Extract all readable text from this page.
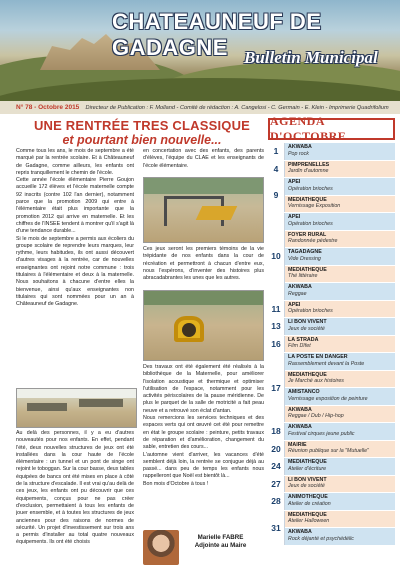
CHATEAUNEUF DE GADAGNE Bulletin Municipal
N° 78 - Octobre 2015 Directeur de Publication : F. Molland - Comité de rédaction : A. Cangelosi - C. Germain - E. Klein - Imprimerie Quadrifolium
UNE RENTRÉE TRES CLASSIQUE
et pourtant bien nouvelle...
Comme tous les ans, le mois de septembre a été marqué par la rentrée scolaire. Et à Châteauneuf de Gadagne, comme ailleurs, les enfants ont repris tranquillement le chemin de l'école.
Cette année l'école élémentaire Pierre Goujon accueille 172 élèves et l'école maternelle compte 92 inscrits (contre 102 l'an dernier), notamment parce que la promotion 2009 qui entre à l'élémentaire était plus importante que la promotion 2012 qui arrive en maternelle. Et les chiffres de l'INSEE tendent à montrer qu'il s'agit là d'une tendance durable...
Si le mois de septembre a permis aux écoliers du groupe scolaire de reprendre leurs marques, leur rythme, leurs habitudes, ils ont aussi découvert d'autres visages à la rentrée, car de nouvelles enseignantes ont rejoint notre commune : trois titulaires à l'élémentaire et deux à la maternelle. Nous souhaitons à chacune d'entre elles la bienvenue, ainsi qu'aux enseignantes non titulaires qui sont nommées pour un an à Châteauneuf de Gadagne.
Au delà des personnes, il y a eu d'autres nouveautés pour nos enfants. En effet, pendant l'été, deux nouvelles structures de jeux ont été installées dans la cour haute de l'école élémentaire : un tunnel et un pont de singe ont rejoint le toboggan. Sur la cour basse, deux tables équipées de bancs ont été mises en place à côté de la structure d'escalade. Il est vrai qu'au delà de ces jeux, les enfants ont pu découvrir que ces équipements, conçus pour ne pas créer d'exclusion, permettaient à tous les enfants de jouer ensemble, et à toutes les structures de jeux anciennes pour des raisons de normes de sécurité. Un projet d'investissement sur trois ans a permis d'installer au total quatre nouveaux équipements. Ils ont été choisis
en concertation avec des enfants, des parents d'élèves, l'équipe du CLAE et les enseignants de l'école élémentaire.
Ces jeux seront les premiers témoins de la vie trépidante de nos enfants dans la cour de récréation et permettront à chacun d'entre eux, nous l'espérons, d'inventer des histoires plus abracadabrantes les unes que les autres.
Des travaux ont été également été réalisés à la bibliothèque de la Maternelle, pour améliorer l'isolation acoustique et thermique et optimiser l'utilisation de l'espace, notamment pour les activités périscolaires de la pause méridienne. De plus le parquet de la salle de motricité a fait peau neuve et a retrouvé son éclat d'antan.
Nous remercions les services techniques et des espaces verts qui ont œuvré cet été pour remettre en état le groupe scolaire : peinture, petits travaux de réparation et d'amélioration, changement du sable, entretien des cours...
L'automne vient d'arriver, les vacances d'été semblent déjà loin, la rentrée se conjugue déjà au passé... dans peu de temps les enfants nous rappelleront que Noël est bientôt là...
Bon mois d'Octobre à tous !
Marielle FABRE
Adjointe au Maire
AGENDA D'OCTOBRE
1	AKWABA
Pop rock
4	PIMPRENELLES
Jardin d'automne
9
APEI
Opération brioches
MEDIATHEQUE
Vernissage Exposition
10
APEI
Opération brioches
FOYER RURAL
Randonnée pédestre
TAGADAGNE
Vide Dressing
MEDIATHEQUE
Thé littéraire
AKWABA
Reggae
11	APEI
Opération brioches
13	LI BON VIVENT
Jeux de société
16	LA STRADA
Film Dîfet
17
LA POSTE EN DANGER
Rassemblement devant la Poste
MEDIATHEQUE
Je Marché aux histoires
AMISTANCO
Vernissage exposition de peinture
AKWABA
Reggae / Dub / Hip-hop
18	AKWABA
Festival cirques jeune public
20	MAIRIE
Réunion publique sur la "Mutuelle"
24	MEDIATHEQUE
Atelier d'écriture
27	LI BON VIVENT
Jeux de société
28	ANIMOTHEQUE
Atelier de création
31
MEDIATHEQUE
Atelier Halloween
AKWABA
Rock déjanté et psychédélic
